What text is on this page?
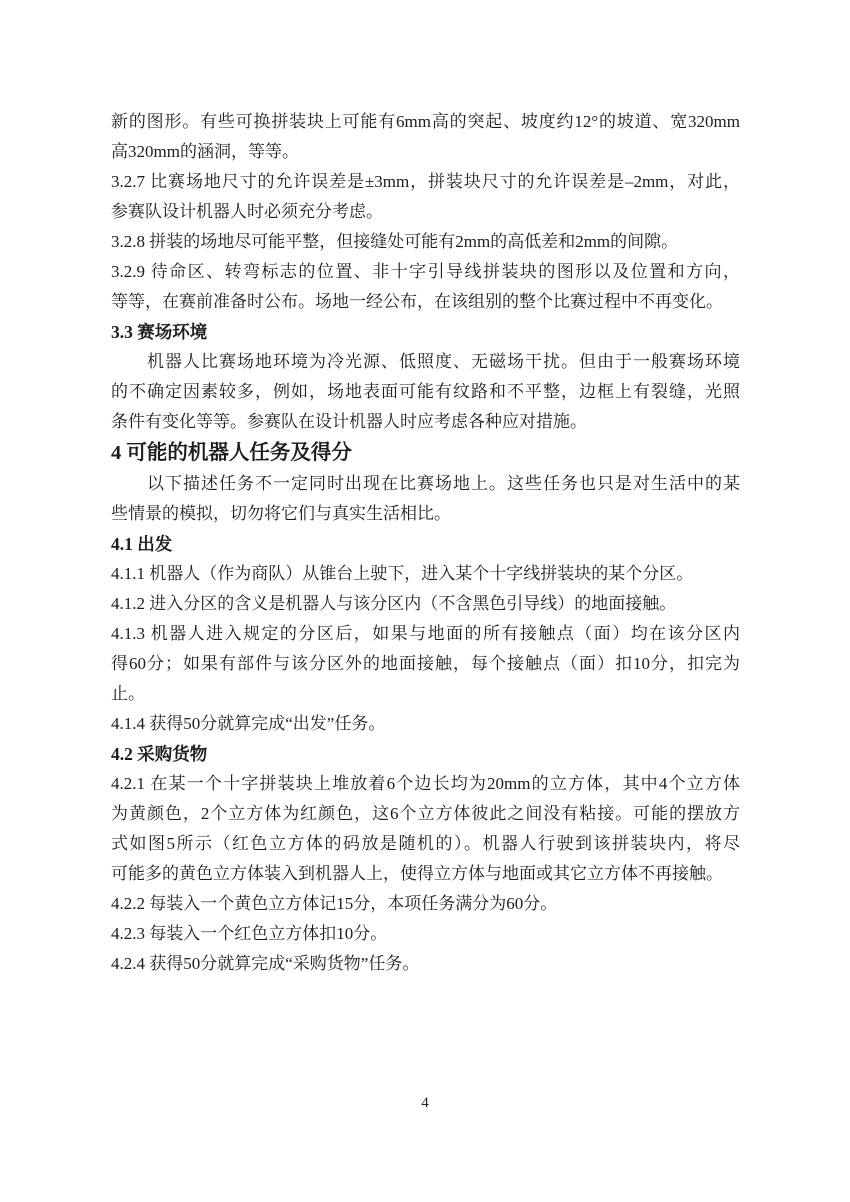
新的图形。有些可换拼装块上可能有6mm高的突起、坡度约12°的坡道、宽320mm
高320mm的涵洞，等等。
3.2.7 比赛场地尺寸的允许误差是±3mm，拼装块尺寸的允许误差是–2mm，对此，
参赛队设计机器人时必须充分考虑。
3.2.8 拼装的场地尽可能平整，但接缝处可能有2mm的高低差和2mm的间隙。
3.2.9 待命区、转弯标志的位置、非十字引导线拼装块的图形以及位置和方向，
等等，在赛前准备时公布。场地一经公布，在该组别的整个比赛过程中不再变化。
3.3 赛场环境
　　机器人比赛场地环境为冷光源、低照度、无磁场干扰。但由于一般赛场环境
的不确定因素较多，例如，场地表面可能有纹路和不平整，边框上有裂缝，光照
条件有变化等等。参赛队在设计机器人时应考虑各种应对措施。
4 可能的机器人任务及得分
　　以下描述任务不一定同时出现在比赛场地上。这些任务也只是对生活中的某
些情景的模拟，切勿将它们与真实生活相比。
4.1 出发
4.1.1 机器人（作为商队）从锥台上驶下，进入某个十字线拼装块的某个分区。
4.1.2 进入分区的含义是机器人与该分区内（不含黑色引导线）的地面接触。
4.1.3 机器人进入规定的分区后，如果与地面的所有接触点（面）均在该分区内
得60分；如果有部件与该分区外的地面接触，每个接触点（面）扣10分，扣完为
止。
4.1.4 获得50分就算完成“出发”任务。
4.2 采购货物
4.2.1 在某一个十字拼装块上堆放着6个边长均为20mm的立方体，其中4个立方体
为黄颜色，2个立方体为红颜色，这6个立方体彼此之间没有粘接。可能的摆放方
式如图5所示（红色立方体的码放是随机的）。机器人行驶到该拼装块内，将尽
可能多的黄色立方体装入到机器人上，使得立方体与地面或其它立方体不再接触。
4.2.2 每装入一个黄色立方体记15分，本项任务满分为60分。
4.2.3 每装入一个红色立方体扣10分。
4.2.4 获得50分就算完成“采购货物”任务。
4
